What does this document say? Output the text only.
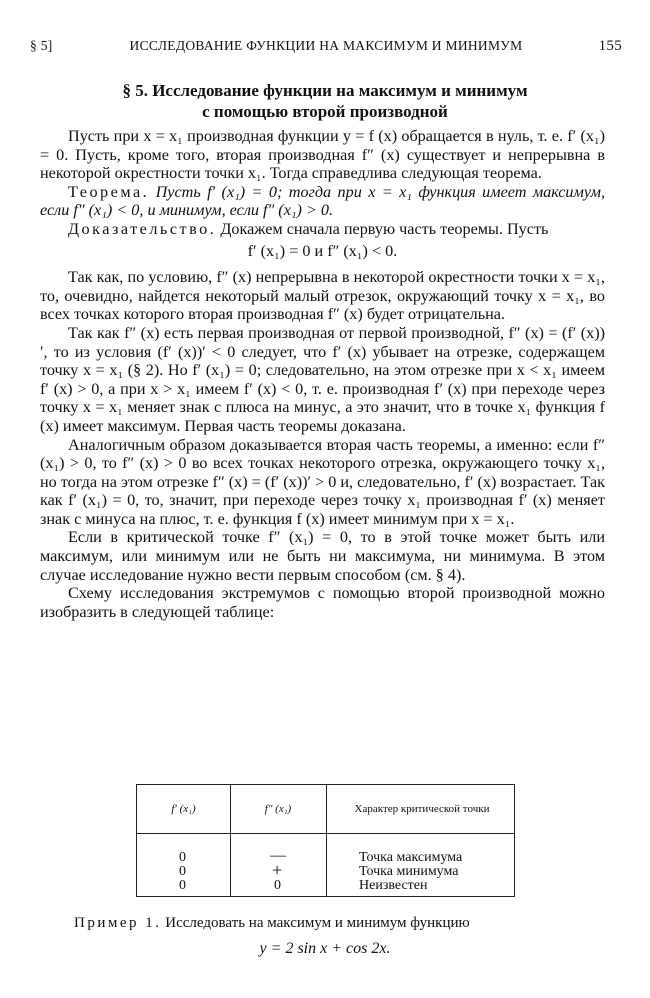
§ 5]	ИССЛЕДОВАНИЕ ФУНКЦИИ НА МАКСИМУМ И МИНИМУМ	155
§ 5. Исследование функции на максимум и минимум
с помощью второй производной

Пусть при x = x₁ производная функции y = f (x) обращается в нуль, т. е. f′ (x₁) = 0. Пусть, кроме того, вторая производная f″ (x) существует и непрерывна в некоторой окрестности точки x₁. Тогда справедлива следующая теорема.

Теорема. Пусть f′ (x₁) = 0; тогда при x = x₁ функция имеет максимум, если f″ (x₁) < 0, и минимум, если f″ (x₁) > 0.

Доказательство. Докажем сначала первую часть теоремы. Пусть

f′ (x₁) = 0 и f″ (x₁) < 0.

Так как, по условию, f″ (x) непрерывна в некоторой окрестности точки x = x₁, то, очевидно, найдется некоторый малый отрезок, окружающий точку x = x₁, во всех точках которого вторая производная f″ (x) будет отрицательна.

Так как f″ (x) есть первая производная от первой производной, f″ (x) = (f′ (x))′, то из условия (f′ (x))′ < 0 следует, что f′ (x) убывает на отрезке, содержащем точку x = x₁ (§ 2). Но f′ (x₁) = 0; следовательно, на этом отрезке при x < x₁ имеем f′ (x) > 0, а при x > x₁ имеем f′ (x) < 0, т. е. производная f′ (x) при переходе через точку x = x₁ меняет знак с плюса на минус, а это значит, что в точке x₁ функция f (x) имеет максимум. Первая часть теоремы доказана.

Аналогичным образом доказывается вторая часть теоремы, а именно: если f″ (x₁) > 0, то f″ (x) > 0 во всех точках некоторого отрезка, окружающего точку x₁, но тогда на этом отрезке f″ (x) = (f′ (x))′ > 0 и, следовательно, f′ (x) возрастает. Так как f′ (x₁) = 0, то, значит, при переходе через точку x₁ производная f′ (x) меняет знак с минуса на плюс, т. е. функция f (x) имеет минимум при x = x₁.

Если в критической точке f″ (x₁) = 0, то в этой точке может быть или максимум, или минимум или не быть ни максимума, ни минимума. В этом случае исследование нужно вести первым способом (см. § 4).

Схему исследования экстремумов с помощью второй производной можно изобразить в следующей таблице:

f′ (x₁)	f″ (x₁)	Характер критической точки
0	—	Точка максимума
0	+	Точка минимума
0	0	Неизвестен
Пример 1. Исследовать на максимум и минимум функцию
y = 2 sin x + cos 2x.
